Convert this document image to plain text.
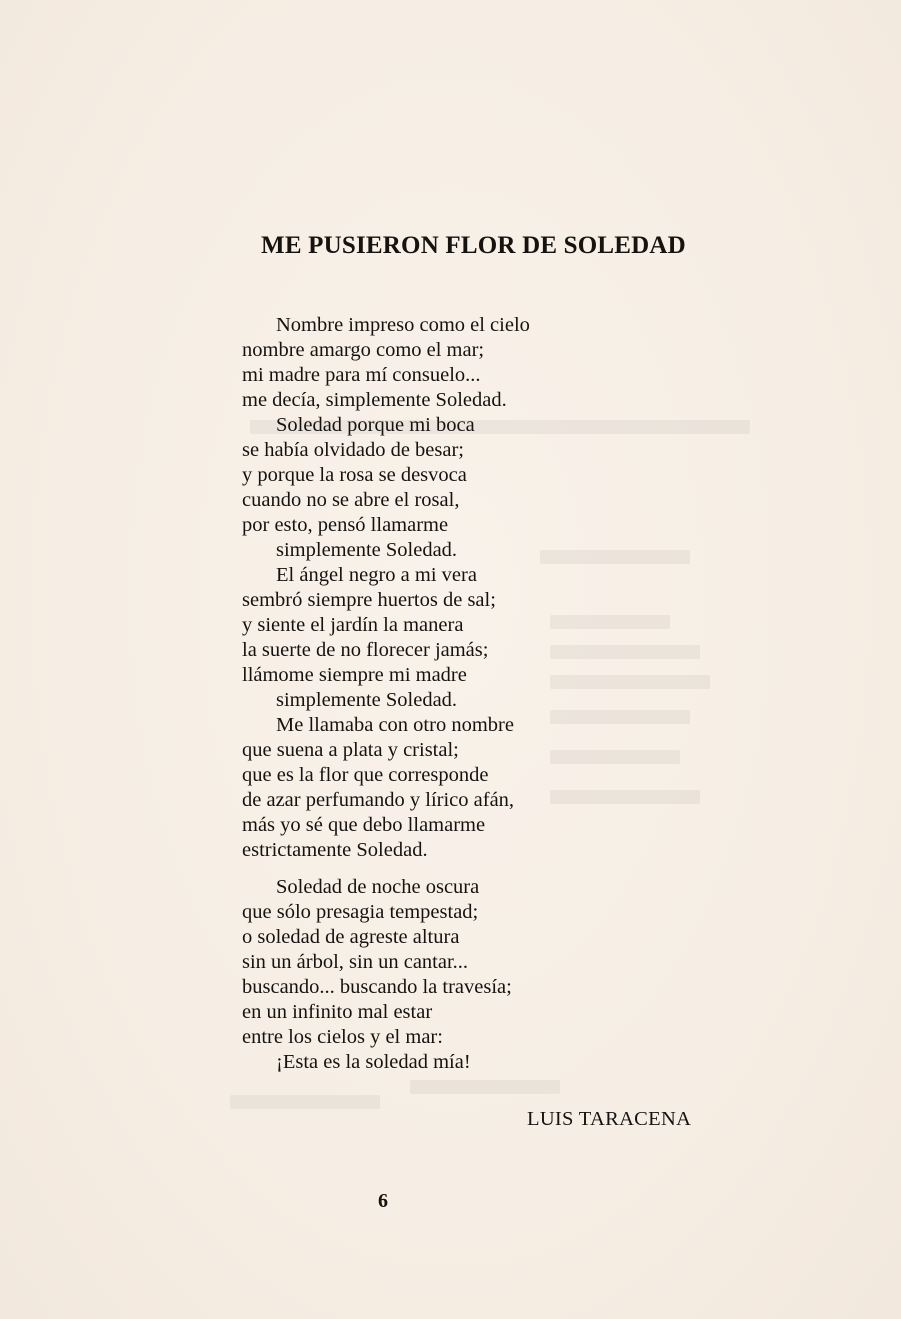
ME PUSIERON FLOR DE SOLEDAD
Nombre impreso como el cielo
nombre amargo como el mar;
mi madre para mí consuelo...
me decía, simplemente Soledad.
Soledad porque mi boca
se había olvidado de besar;
y porque la rosa se desvoca
cuando no se abre el rosal,
por esto, pensó llamarme
simplemente Soledad.
El ángel negro a mi vera
sembró siempre huertos de sal;
y siente el jardín la manera
la suerte de no florecer jamás;
llámome siempre mi madre
simplemente Soledad.
Me llamaba con otro nombre
que suena a plata y cristal;
que es la flor que corresponde
de azar perfumando y lírico afán,
más yo sé que debo llamarme
estrictamente Soledad.
Soledad de noche oscura
que sólo presagia tempestad;
o soledad de agreste altura
sin un árbol, sin un cantar...
buscando... buscando la travesía;
en un infinito mal estar
entre los cielos y el mar:
¡Esta es la soledad mía!
LUIS TARACENA
6
